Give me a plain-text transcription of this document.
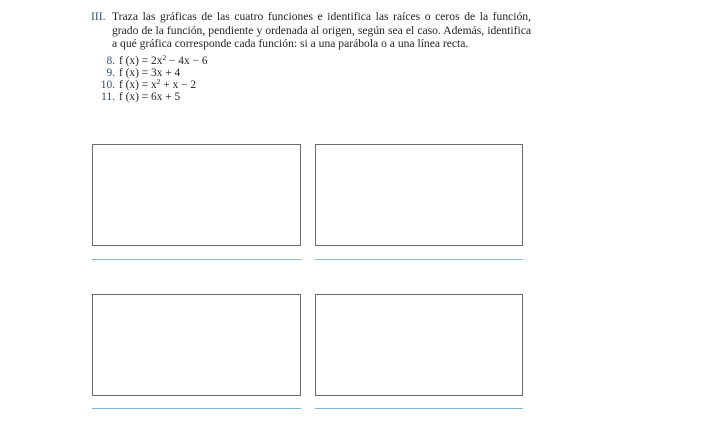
III. Traza las gráficas de las cuatro funciones e identifica las raíces o ceros de la función, grado de la función, pendiente y ordenada al origen, según sea el caso. Además, identifica a qué gráfica corresponde cada función: si a una parábola o a una línea recta.
8. f $(x) = 2x^2 - 4x - 6$
9. f (x) = 3x + 4
10. f $(x) = x^2 + x - 2$
11. f (x) = 6x + 5
